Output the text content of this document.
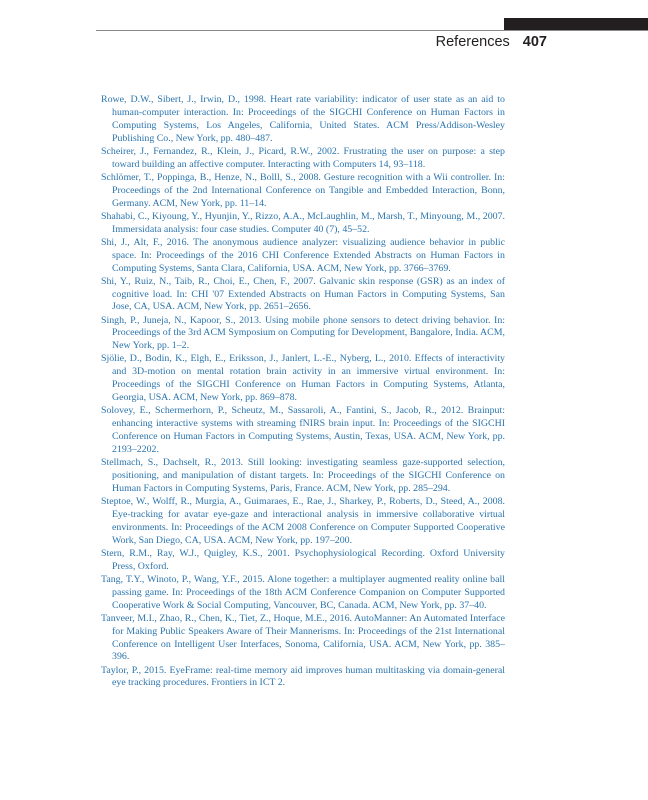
References 407
Rowe, D.W., Sibert, J., Irwin, D., 1998. Heart rate variability: indicator of user state as an aid to human-computer interaction. In: Proceedings of the SIGCHI Conference on Human Factors in Computing Systems, Los Angeles, California, United States. ACM Press/Addison-Wesley Publishing Co., New York, pp. 480–487.
Scheirer, J., Fernandez, R., Klein, J., Picard, R.W., 2002. Frustrating the user on purpose: a step toward building an affective computer. Interacting with Computers 14, 93–118.
Schlömer, T., Poppinga, B., Henze, N., Bolll, S., 2008. Gesture recognition with a Wii controller. In: Proceedings of the 2nd International Conference on Tangible and Embedded Interaction, Bonn, Germany. ACM, New York, pp. 11–14.
Shahabi, C., Kiyoung, Y., Hyunjin, Y., Rizzo, A.A., McLaughlin, M., Marsh, T., Minyoung, M., 2007. Immersidata analysis: four case studies. Computer 40 (7), 45–52.
Shi, J., Alt, F., 2016. The anonymous audience analyzer: visualizing audience behavior in public space. In: Proceedings of the 2016 CHI Conference Extended Abstracts on Human Factors in Computing Systems, Santa Clara, California, USA. ACM, New York, pp. 3766–3769.
Shi, Y., Ruiz, N., Taib, R., Choi, E., Chen, F., 2007. Galvanic skin response (GSR) as an index of cognitive load. In: CHI '07 Extended Abstracts on Human Factors in Computing Systems, San Jose, CA, USA. ACM, New York, pp. 2651–2656.
Singh, P., Juneja, N., Kapoor, S., 2013. Using mobile phone sensors to detect driving behavior. In: Proceedings of the 3rd ACM Symposium on Computing for Development, Bangalore, India. ACM, New York, pp. 1–2.
Sjölie, D., Bodin, K., Elgh, E., Eriksson, J., Janlert, L.-E., Nyberg, L., 2010. Effects of interactivity and 3D-motion on mental rotation brain activity in an immersive virtual environment. In: Proceedings of the SIGCHI Conference on Human Factors in Computing Systems, Atlanta, Georgia, USA. ACM, New York, pp. 869–878.
Solovey, E., Schermerhorn, P., Scheutz, M., Sassaroli, A., Fantini, S., Jacob, R., 2012. Brainput: enhancing interactive systems with streaming fNIRS brain input. In: Proceedings of the SIGCHI Conference on Human Factors in Computing Systems, Austin, Texas, USA. ACM, New York, pp. 2193–2202.
Stellmach, S., Dachselt, R., 2013. Still looking: investigating seamless gaze-supported selection, positioning, and manipulation of distant targets. In: Proceedings of the SIGCHI Conference on Human Factors in Computing Systems, Paris, France. ACM, New York, pp. 285–294.
Steptoe, W., Wolff, R., Murgia, A., Guimaraes, E., Rae, J., Sharkey, P., Roberts, D., Steed, A., 2008. Eye-tracking for avatar eye-gaze and interactional analysis in immersive collaborative virtual environments. In: Proceedings of the ACM 2008 Conference on Computer Supported Cooperative Work, San Diego, CA, USA. ACM, New York, pp. 197–200.
Stern, R.M., Ray, W.J., Quigley, K.S., 2001. Psychophysiological Recording. Oxford University Press, Oxford.
Tang, T.Y., Winoto, P., Wang, Y.F., 2015. Alone together: a multiplayer augmented reality online ball passing game. In: Proceedings of the 18th ACM Conference Companion on Computer Supported Cooperative Work & Social Computing, Vancouver, BC, Canada. ACM, New York, pp. 37–40.
Tanveer, M.I., Zhao, R., Chen, K., Tiet, Z., Hoque, M.E., 2016. AutoManner: An Automated Interface for Making Public Speakers Aware of Their Mannerisms. In: Proceedings of the 21st International Conference on Intelligent User Interfaces, Sonoma, California, USA. ACM, New York, pp. 385–396.
Taylor, P., 2015. EyeFrame: real-time memory aid improves human multitasking via domain-general eye tracking procedures. Frontiers in ICT 2.
